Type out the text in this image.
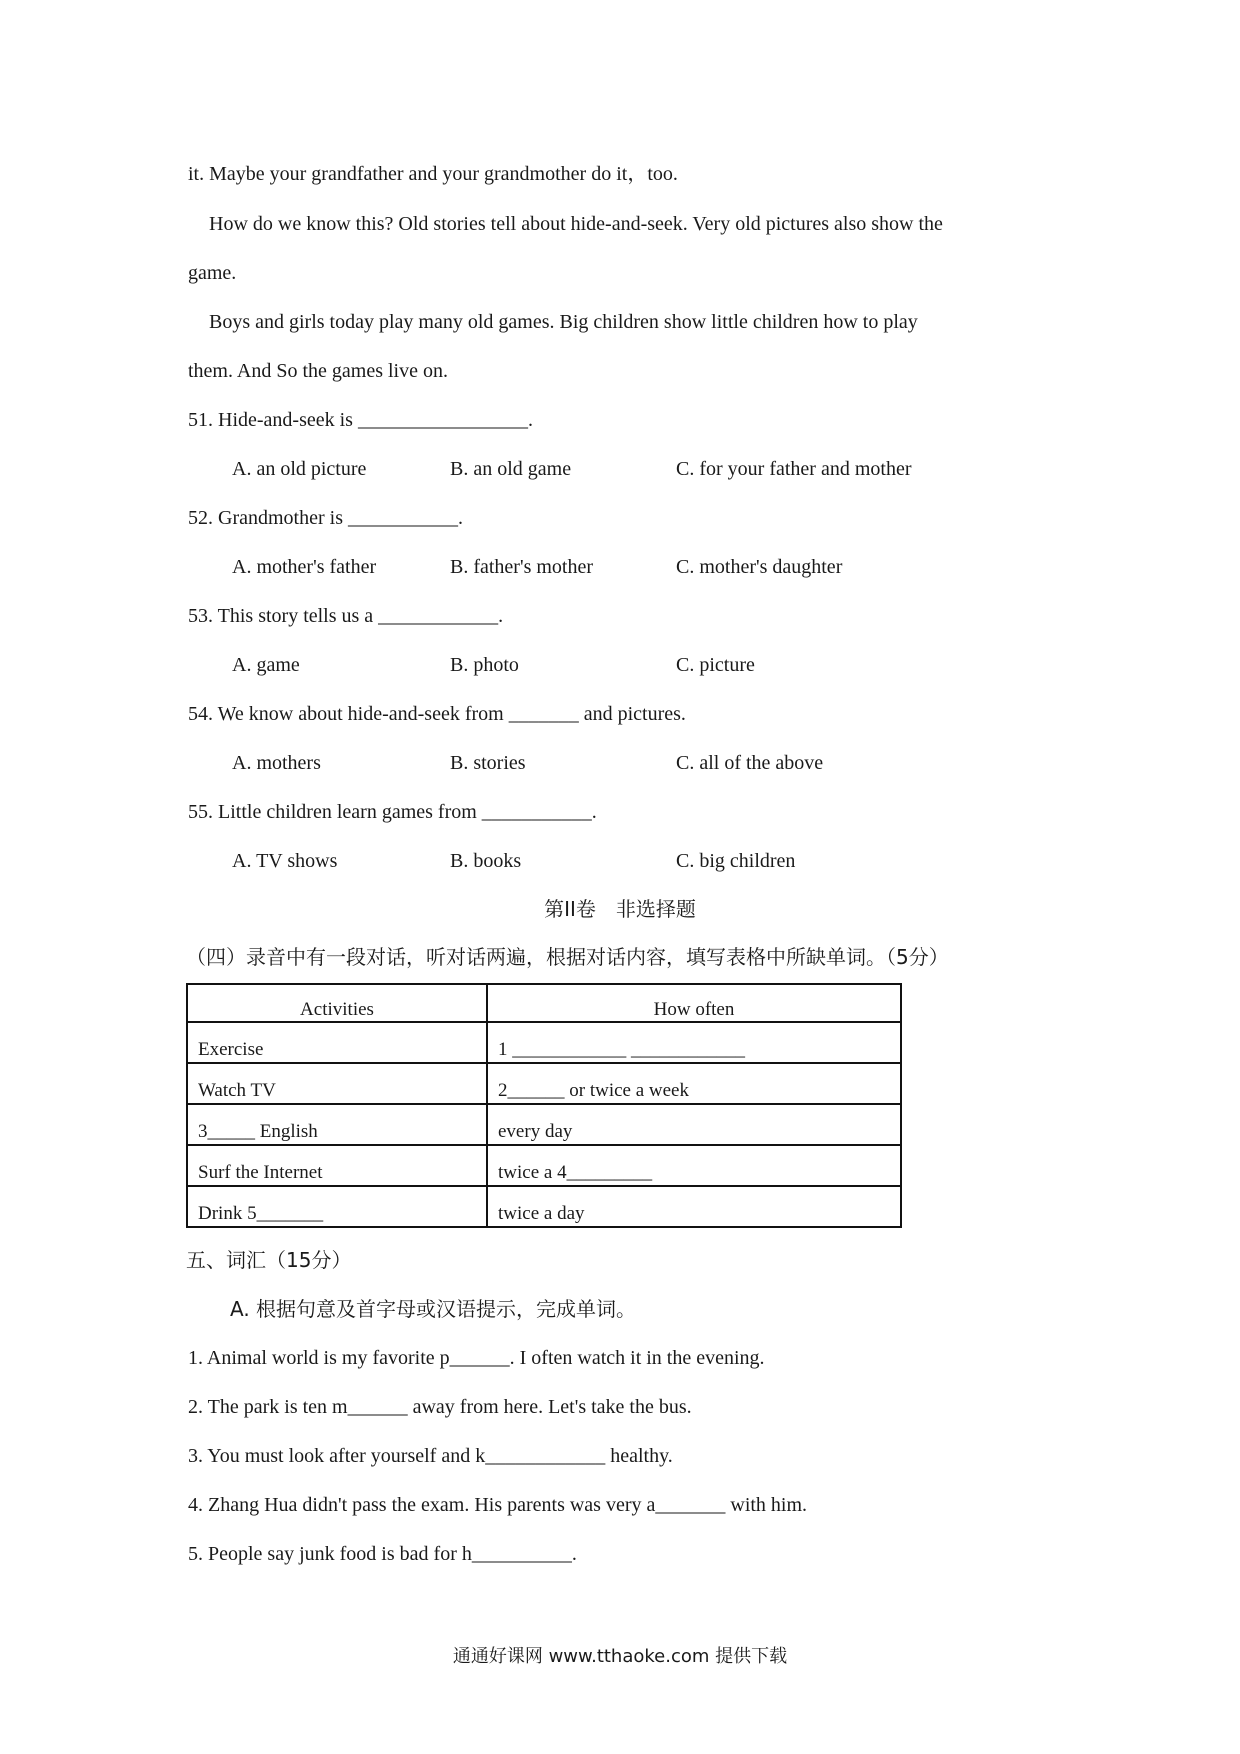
it. Maybe your grandfather and your grandmother do it，too.
How do we know this? Old stories tell about hide-and-seek. Very old pictures also show the
game.
Boys and girls today play many old games. Big children show little children how to play
them. And So the games live on.
51. Hide-and-seek is _________________.
A. an old picture	B. an old game	C. for your father and mother
52. Grandmother is ___________.
A. mother's father	B. father's mother	C. mother's daughter
53. This story tells us a ____________.
A. game	B. photo	C. picture
54. We know about hide-and-seek from _______ and pictures.
A. mothers	B. stories	C. all of the above
55. Little children learn games from ___________.
A. TV shows	B. books	C. big children
第II卷　非选择题
（四）录音中有一段对话，听对话两遍，根据对话内容，填写表格中所缺单词。（5分）
Activities	How often
Exercise	1 ____________ ____________
Watch TV	2______ or twice a week
3_____ English	every day
Surf the Internet	twice a 4_________
Drink 5_______	twice a day
五、词汇（15分）
A. 根据句意及首字母或汉语提示，完成单词。
1. Animal world is my favorite p______. I often watch it in the evening.
2. The park is ten m______ away from here. Let's take the bus.
3. You must look after yourself and k____________ healthy.
4. Zhang Hua didn't pass the exam. His parents was very a_______ with him.
5. People say junk food is bad for h__________.
通通好课网 www.tthaoke.com 提供下载
